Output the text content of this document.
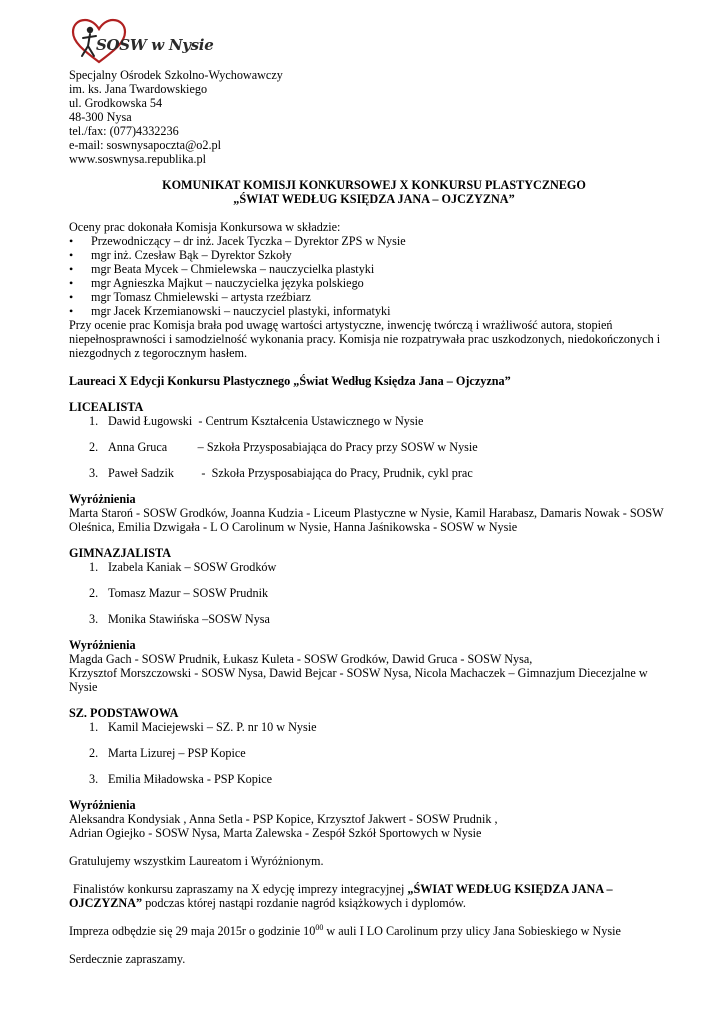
SOSW w Nysie
Specjalny Ośrodek Szkolno-Wychowawczy
im. ks. Jana Twardowskiego
ul. Grodkowska 54
48-300 Nysa
tel./fax: (077)4332236
e-mail: soswnysapoczta@o2.pl
www.soswnysa.republika.pl
KOMUNIKAT KOMISJI KONKURSOWEJ X KONKURSU PLASTYCZNEGO
„ŚWIAT WEDŁUG KSIĘDZA JANA – OJCZYZNA”

Oceny prac dokonała Komisja Konkursowa w składzie:

• Przewodniczący – dr inż. Jacek Tyczka – Dyrektor ZPS w Nysie
• mgr inż. Czesław Bąk – Dyrektor Szkoły
• mgr Beata Mycek – Chmielewska – nauczycielka plastyki
• mgr Agnieszka Majkut – nauczycielka języka polskiego
• mgr Tomasz Chmielewski – artysta rzeźbiarz
• mgr Jacek Krzemianowski – nauczyciel plastyki, informatyki
Przy ocenie prac Komisja brała pod uwagę wartości artystyczne, inwencję twórczą i wrażliwość autora, stopień
niepełnosprawności i samodzielność wykonania pracy. Komisja nie rozpatrywała prac uszkodzonych, niedokończonych i
niezgodnych z tegorocznym hasłem.

Laureaci X Edycji Konkursu Plastycznego „Świat Według Księdza Jana – Ojczyzna”

LICEALISTA

1. Dawid Ługowski  - Centrum Kształcenia Ustawicznego w Nysie
2. Anna Gruca          – Szkoła Przysposabiająca do Pracy przy SOSW w Nysie
3. Paweł Sadzik         -  Szkoła Przysposabiająca do Pracy, Prudnik, cykl prac

Wyróżnienia

Marta Staroń - SOSW Grodków, Joanna Kudzia - Liceum Plastyczne w Nysie, Kamil Harabasz, Damaris Nowak - SOSW
Oleśnica, Emilia Dzwigała - L O Carolinum w Nysie, Hanna Jaśnikowska - SOSW w Nysie

GIMNAZJALISTA

1. Izabela Kaniak – SOSW Grodków
2. Tomasz Mazur – SOSW Prudnik
3. Monika Stawińska –SOSW Nysa

Wyróżnienia

Magda Gach - SOSW Prudnik, Łukasz Kuleta - SOSW Grodków, Dawid Gruca - SOSW Nysa,
Krzysztof Morszczowski - SOSW Nysa, Dawid Bejcar - SOSW Nysa, Nicola Machaczek – Gimnazjum Diecezjalne w
Nysie

SZ. PODSTAWOWA

1. Kamil Maciejewski – SZ. P. nr 10 w Nysie
2. Marta Lizurej – PSP Kopice
3. Emilia Miładowska - PSP Kopice

Wyróżnienia

Aleksandra Kondysiak , Anna Setla - PSP Kopice, Krzysztof Jakwert - SOSW Prudnik ,
Adrian Ogiejko - SOSW Nysa, Marta Zalewska - Zespół Szkół Sportowych w Nysie

Gratulujemy wszystkim Laureatom i Wyróżnionym.

Finalistów konkursu zapraszamy na X edycję imprezy integracyjnej „ŚWIAT WEDŁUG KSIĘDZA JANA –
OJCZYZNA” podczas której nastąpi rozdanie nagród książkowych i dyplomów.

Impreza odbędzie się 29 maja 2015r o godzinie $10^{00}$ w auli I LO Carolinum przy ulicy Jana Sobieskiego w Nysie

Serdecznie zapraszamy.
